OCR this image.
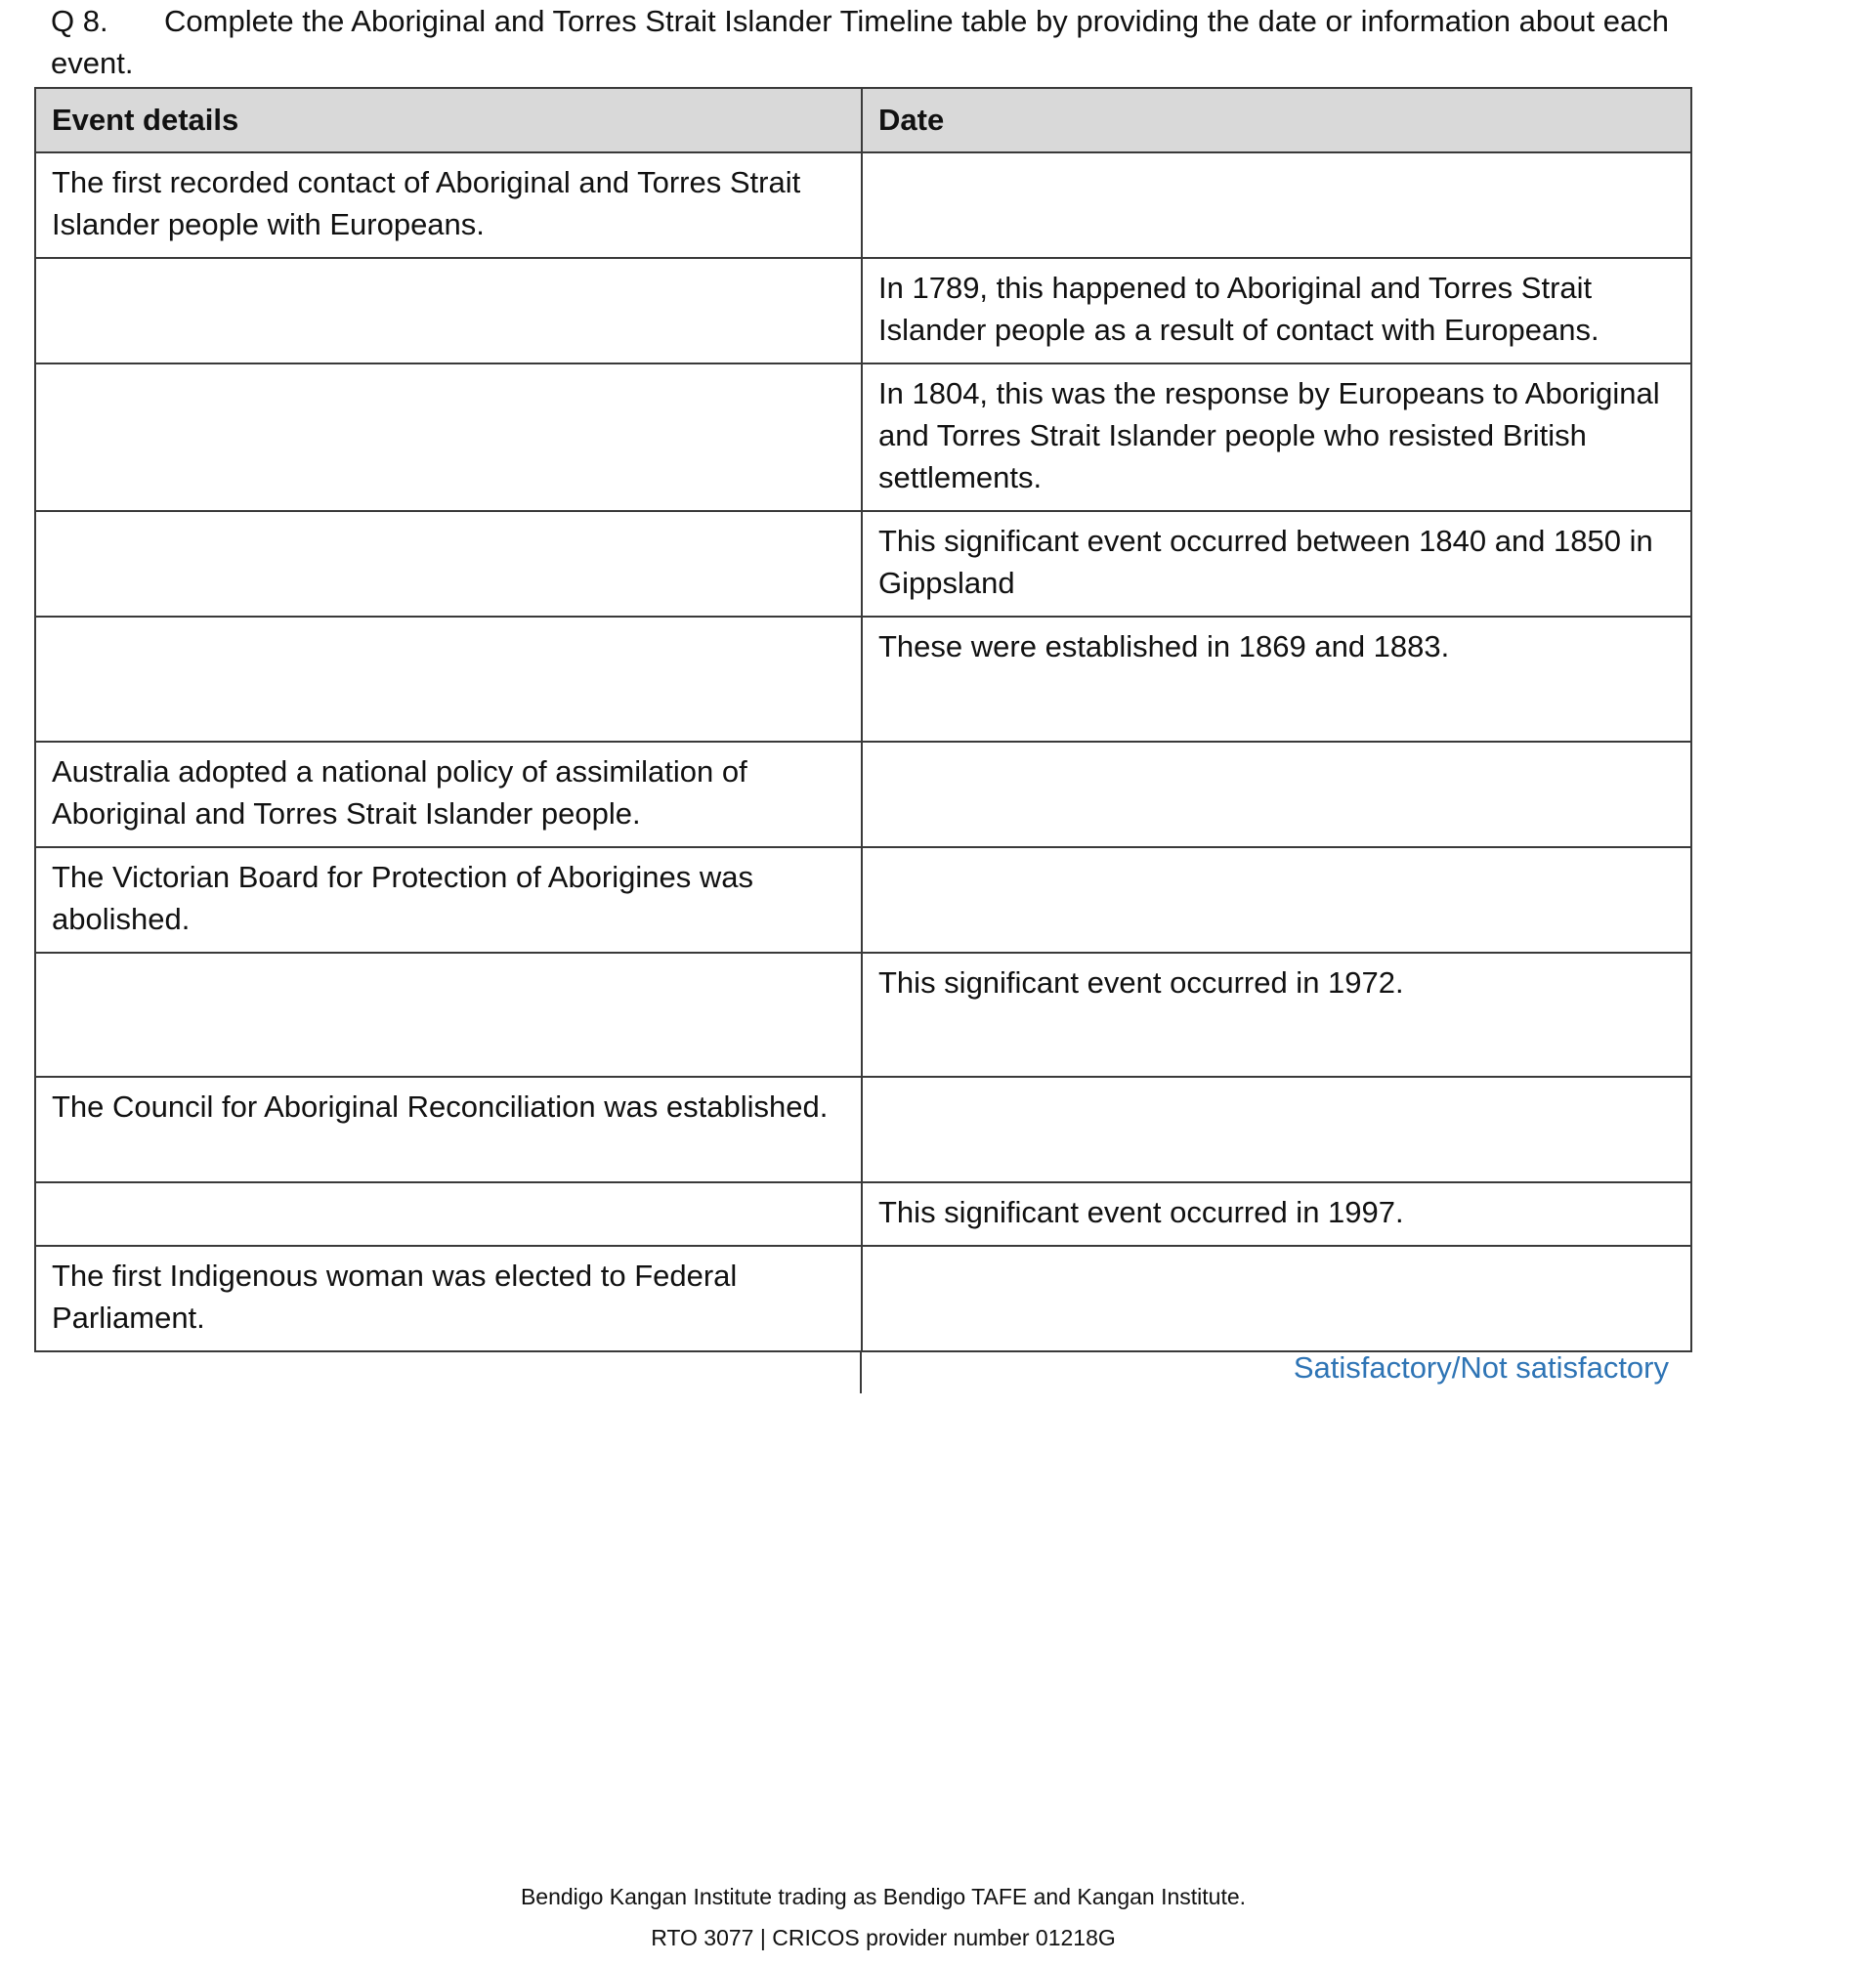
Q 8. Complete the Aboriginal and Torres Strait Islander Timeline table by providing the date or information about each event.
Event details	Date
The first recorded contact of Aboriginal and Torres Strait Islander people with Europeans.	
	In 1789, this happened to Aboriginal and Torres Strait Islander people as a result of contact with Europeans.
	In 1804, this was the response by Europeans to Aboriginal and Torres Strait Islander people who resisted British settlements.
	This significant event occurred between 1840 and 1850 in Gippsland
	These were established in 1869 and 1883.
Australia adopted a national policy of assimilation of Aboriginal and Torres Strait Islander people.	
The Victorian Board for Protection of Aborigines was abolished.	
	This significant event occurred in 1972.
The Council for Aboriginal Reconciliation was established.	
	This significant event occurred in 1997.
The first Indigenous woman was elected to Federal Parliament.	
Satisfactory/Not satisfactory
Bendigo Kangan Institute trading as Bendigo TAFE and Kangan Institute.
RTO 3077 | CRICOS provider number 01218G
